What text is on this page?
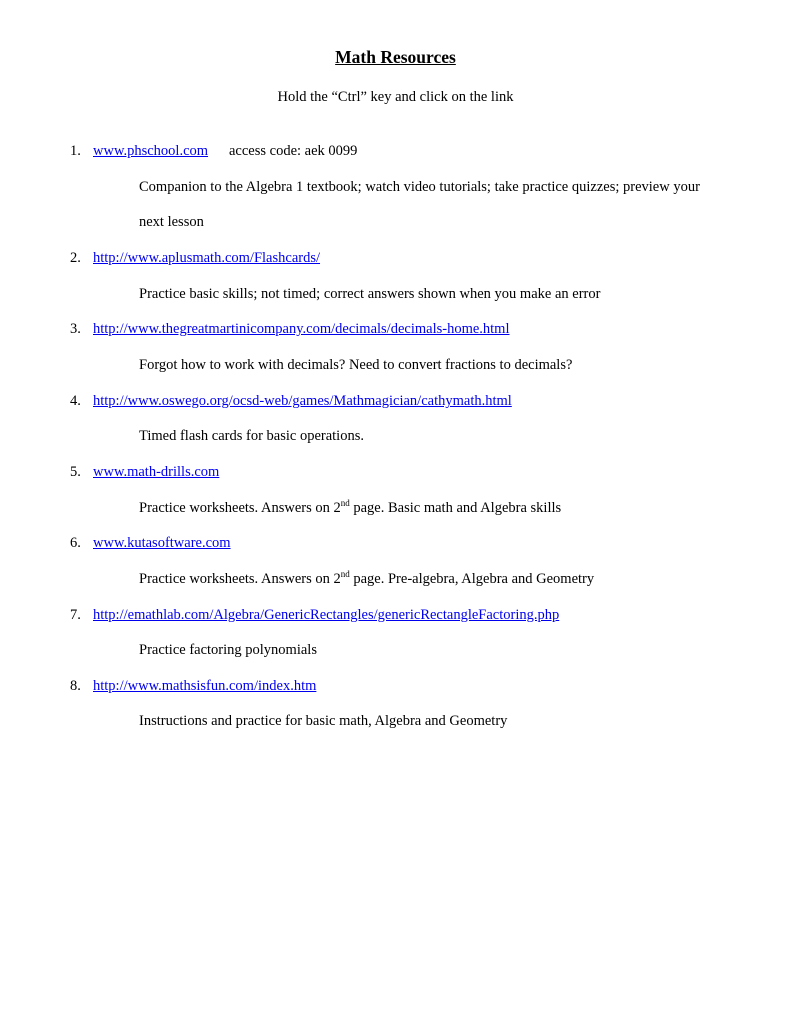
Math Resources
Hold the “Ctrl” key and click on the link
1. www.phschool.com access code: aek 0099
Companion to the Algebra 1 textbook; watch video tutorials; take practice quizzes; preview your
next lesson
2. http://www.aplusmath.com/Flashcards/
Practice basic skills; not timed; correct answers shown when you make an error
3. http://www.thegreatmartinicompany.com/decimals/decimals-home.html
Forgot how to work with decimals? Need to convert fractions to decimals?
4. http://www.oswego.org/ocsd-web/games/Mathmagician/cathymath.html
Timed flash cards for basic operations.
5. www.math-drills.com
Practice worksheets. Answers on 2nd page. Basic math and Algebra skills
6. www.kutasoftware.com
Practice worksheets. Answers on 2nd page. Pre-algebra, Algebra and Geometry
7. http://emathlab.com/Algebra/GenericRectangles/genericRectangleFactoring.php
Practice factoring polynomials
8. http://www.mathsisfun.com/index.htm
Instructions and practice for basic math, Algebra and Geometry
